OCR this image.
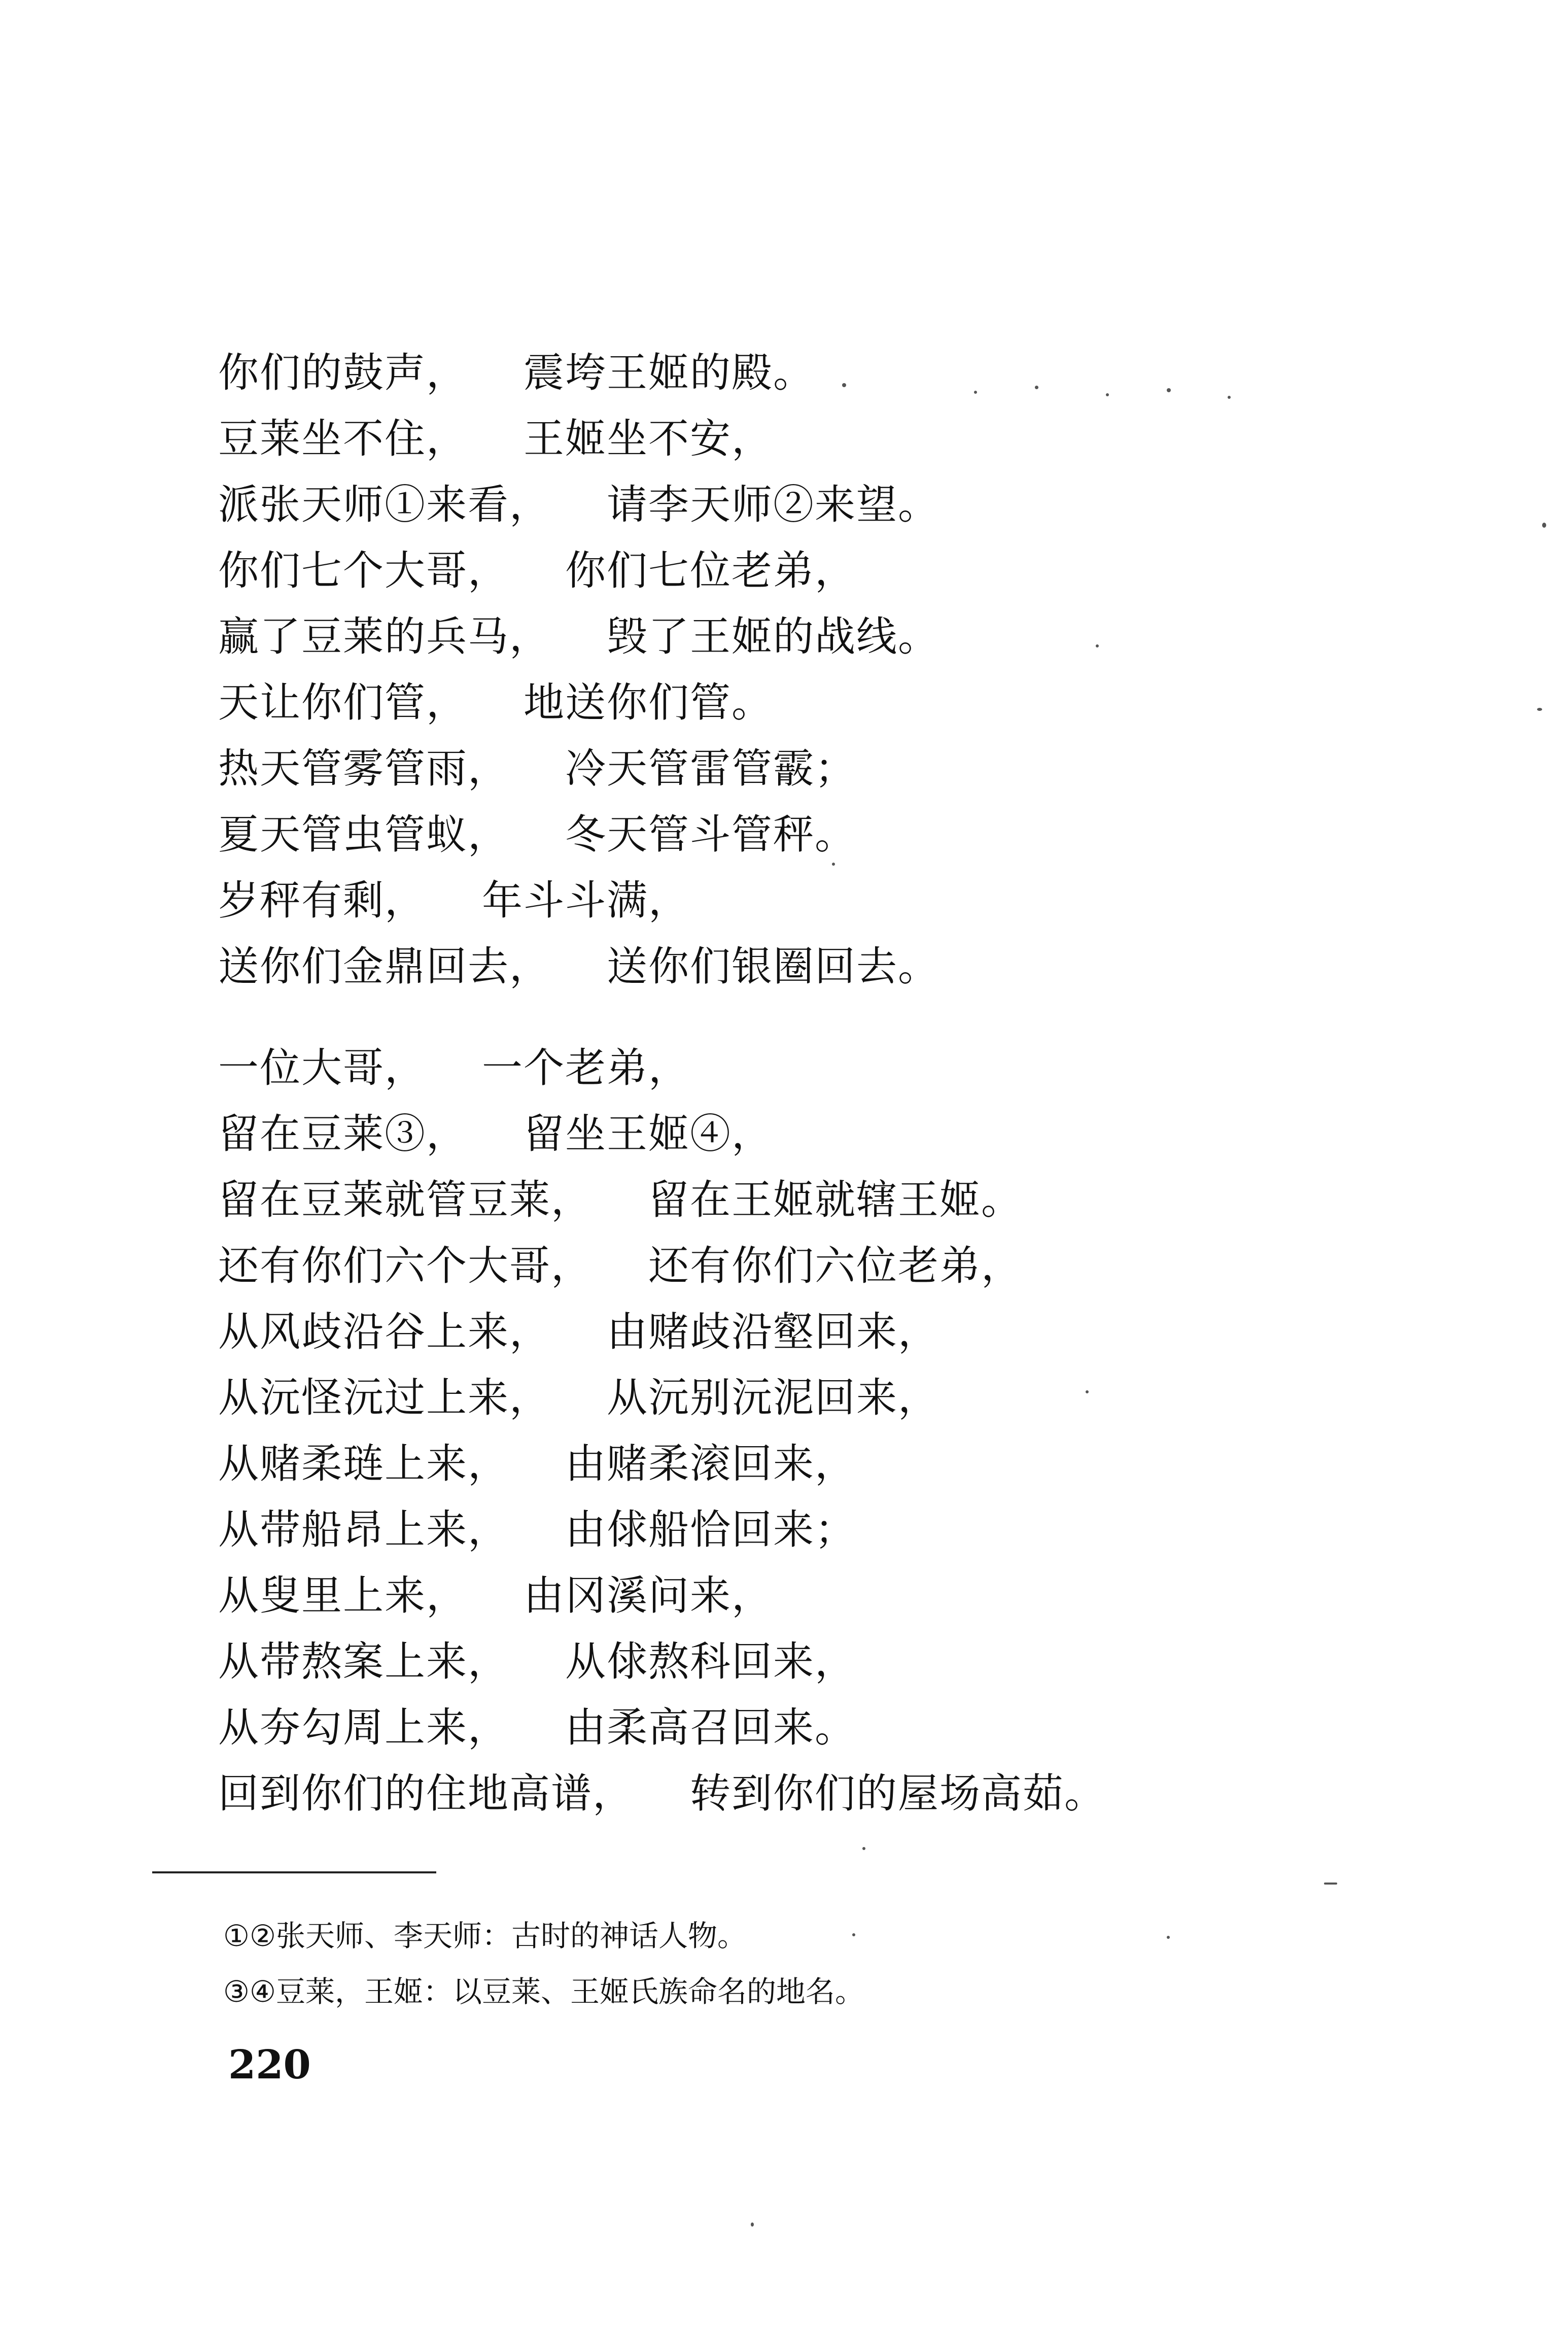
你们的鼓声， 震垮王姬的殿。
豆莱坐不住， 王姬坐不安，
派张天师①来看， 请李天师②来望。
你们七个大哥， 你们七位老弟，
赢了豆莱的兵马， 毁了王姬的战线。
天让你们管， 地送你们管。
热天管雾管雨， 冷天管雷管霰；
夏天管虫管蚁， 冬天管斗管秤。
岁秤有剩， 年斗斗满，
送你们金鼎回去， 送你们银圈回去。
一位大哥， 一个老弟，
留在豆莱③， 留坐王姬④，
留在豆莱就管豆莱， 留在王姬就辖王姬。
还有你们六个大哥， 还有你们六位老弟，
从风歧沿谷上来， 由赌歧沿壑回来，
从沅怪沅过上来， 从沅别沅泥回来，
从赌柔琏上来， 由赌柔滚回来，
从带船昂上来， 由俅船恰回来；
从叟里上来， 由冈溪问来，
从带熬案上来， 从俅熬科回来，
从夯勾周上来， 由柔高召回来。
回到你们的住地高谱， 转到你们的屋场高茹。
①②张天师、李天师：古时的神话人物。
③④豆莱，王姬：以豆莱、王姬氏族命名的地名。
220
